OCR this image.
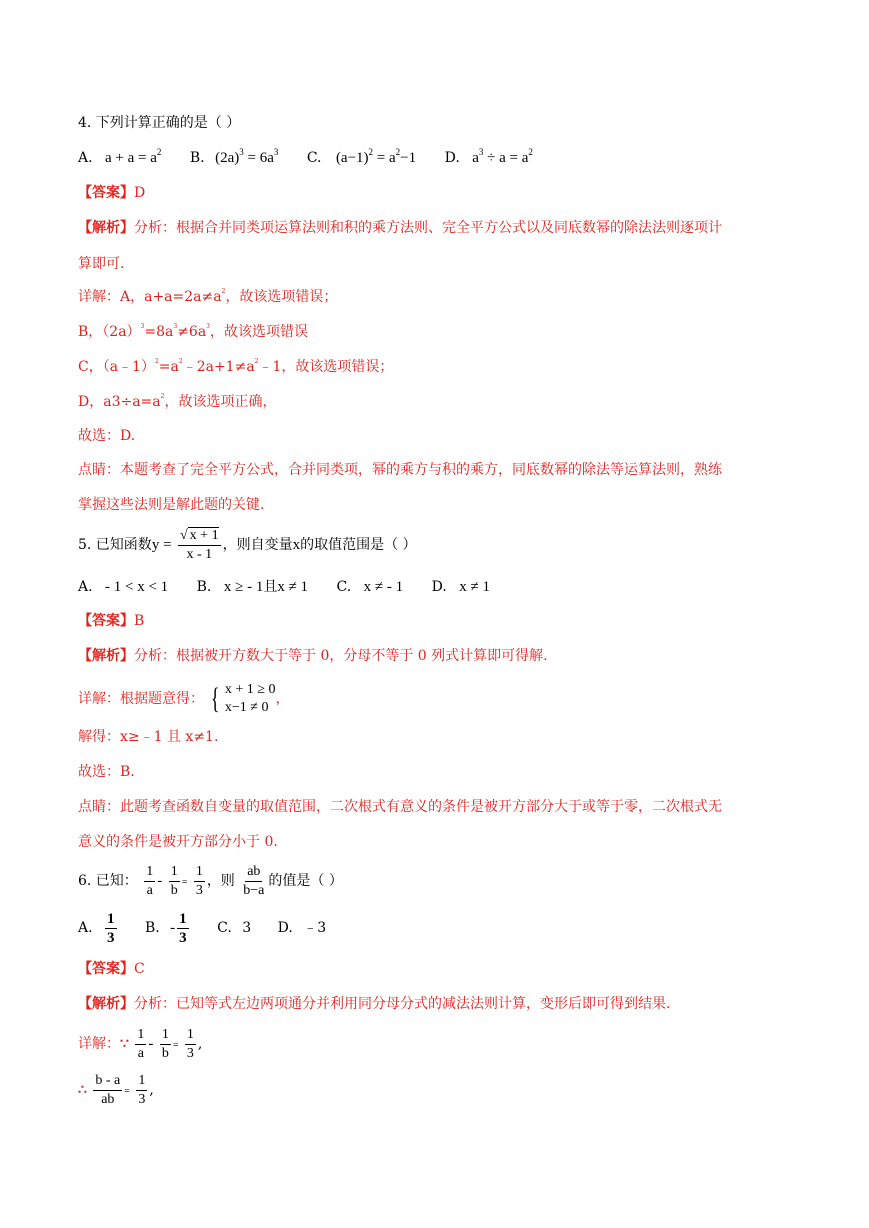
4. 下列计算正确的是（ ）
A. $a + a = a^2$ B. $(2a)^3 = 6a^3$ C. $(a-1)^2 = a^2-1$ D. $a^3 \div a = a^2$
【答案】D
【解析】分析：根据合并同类项运算法则和积的乘方法则、完全平方公式以及同底数幂的除法法则逐项计
算即可.
详解：A，$a+a=2a\ne a^2$，故该选项错误；
B，$(2a)^3=8a^3\ne 6a^3$，故该选项错误
C，$(a﹣1)^2=a^2﹣2a+1\ne a^2﹣1$，故该选项错误；
D，$a3\div a=a^2$，故该选项正确，
故选：D.
点睛：本题考查了完全平方公式，合并同类项，幂的乘方与积的乘方，同底数幂的除法等运算法则，熟练
掌握这些法则是解此题的关键.
5. 已知函数$y = \frac{√ x + 1}{x - 1}$ ，则自变量x的取值范围是（ ）
A. - 1 < x < 1 B. x ≥ - 1且x ≠ 1 C. x ≠ - 1 D. x ≠ 1
【答案】B
【解析】分析：根据被开方数大于等于 0，分母不等于 0 列式计算即可得解.
详解：根据题意得： { x + 1 ≥ 0
x−1 ≠ 0
，
解得：x≥﹣1 且 x≠1.
故选：B.
点睛：此题考查函数自变量的取值范围，二次根式有意义的条件是被开方部分大于或等于零，二次根式无
意义的条件是被开方部分小于 0.
6. 已知： $\frac{1}{a} - \frac{1}{b} = \frac{1}{3}$ ，则 $\frac{ab}{b-a}$ 的值是（ ）
A. $\frac{1}{3} B$. - $\frac{1}{3} C$. 3 D. ﹣3
【答案】C
【解析】分析：已知等式左边两项通分并利用同分母分式的减法法则计算，变形后即可得到结果.
详解：∵ $\frac{1}{a} - \frac{1}{b} = \frac{1}{3}$ ,
∴ $\frac{b - a}{ab} = \frac{1}{3}$ ,
